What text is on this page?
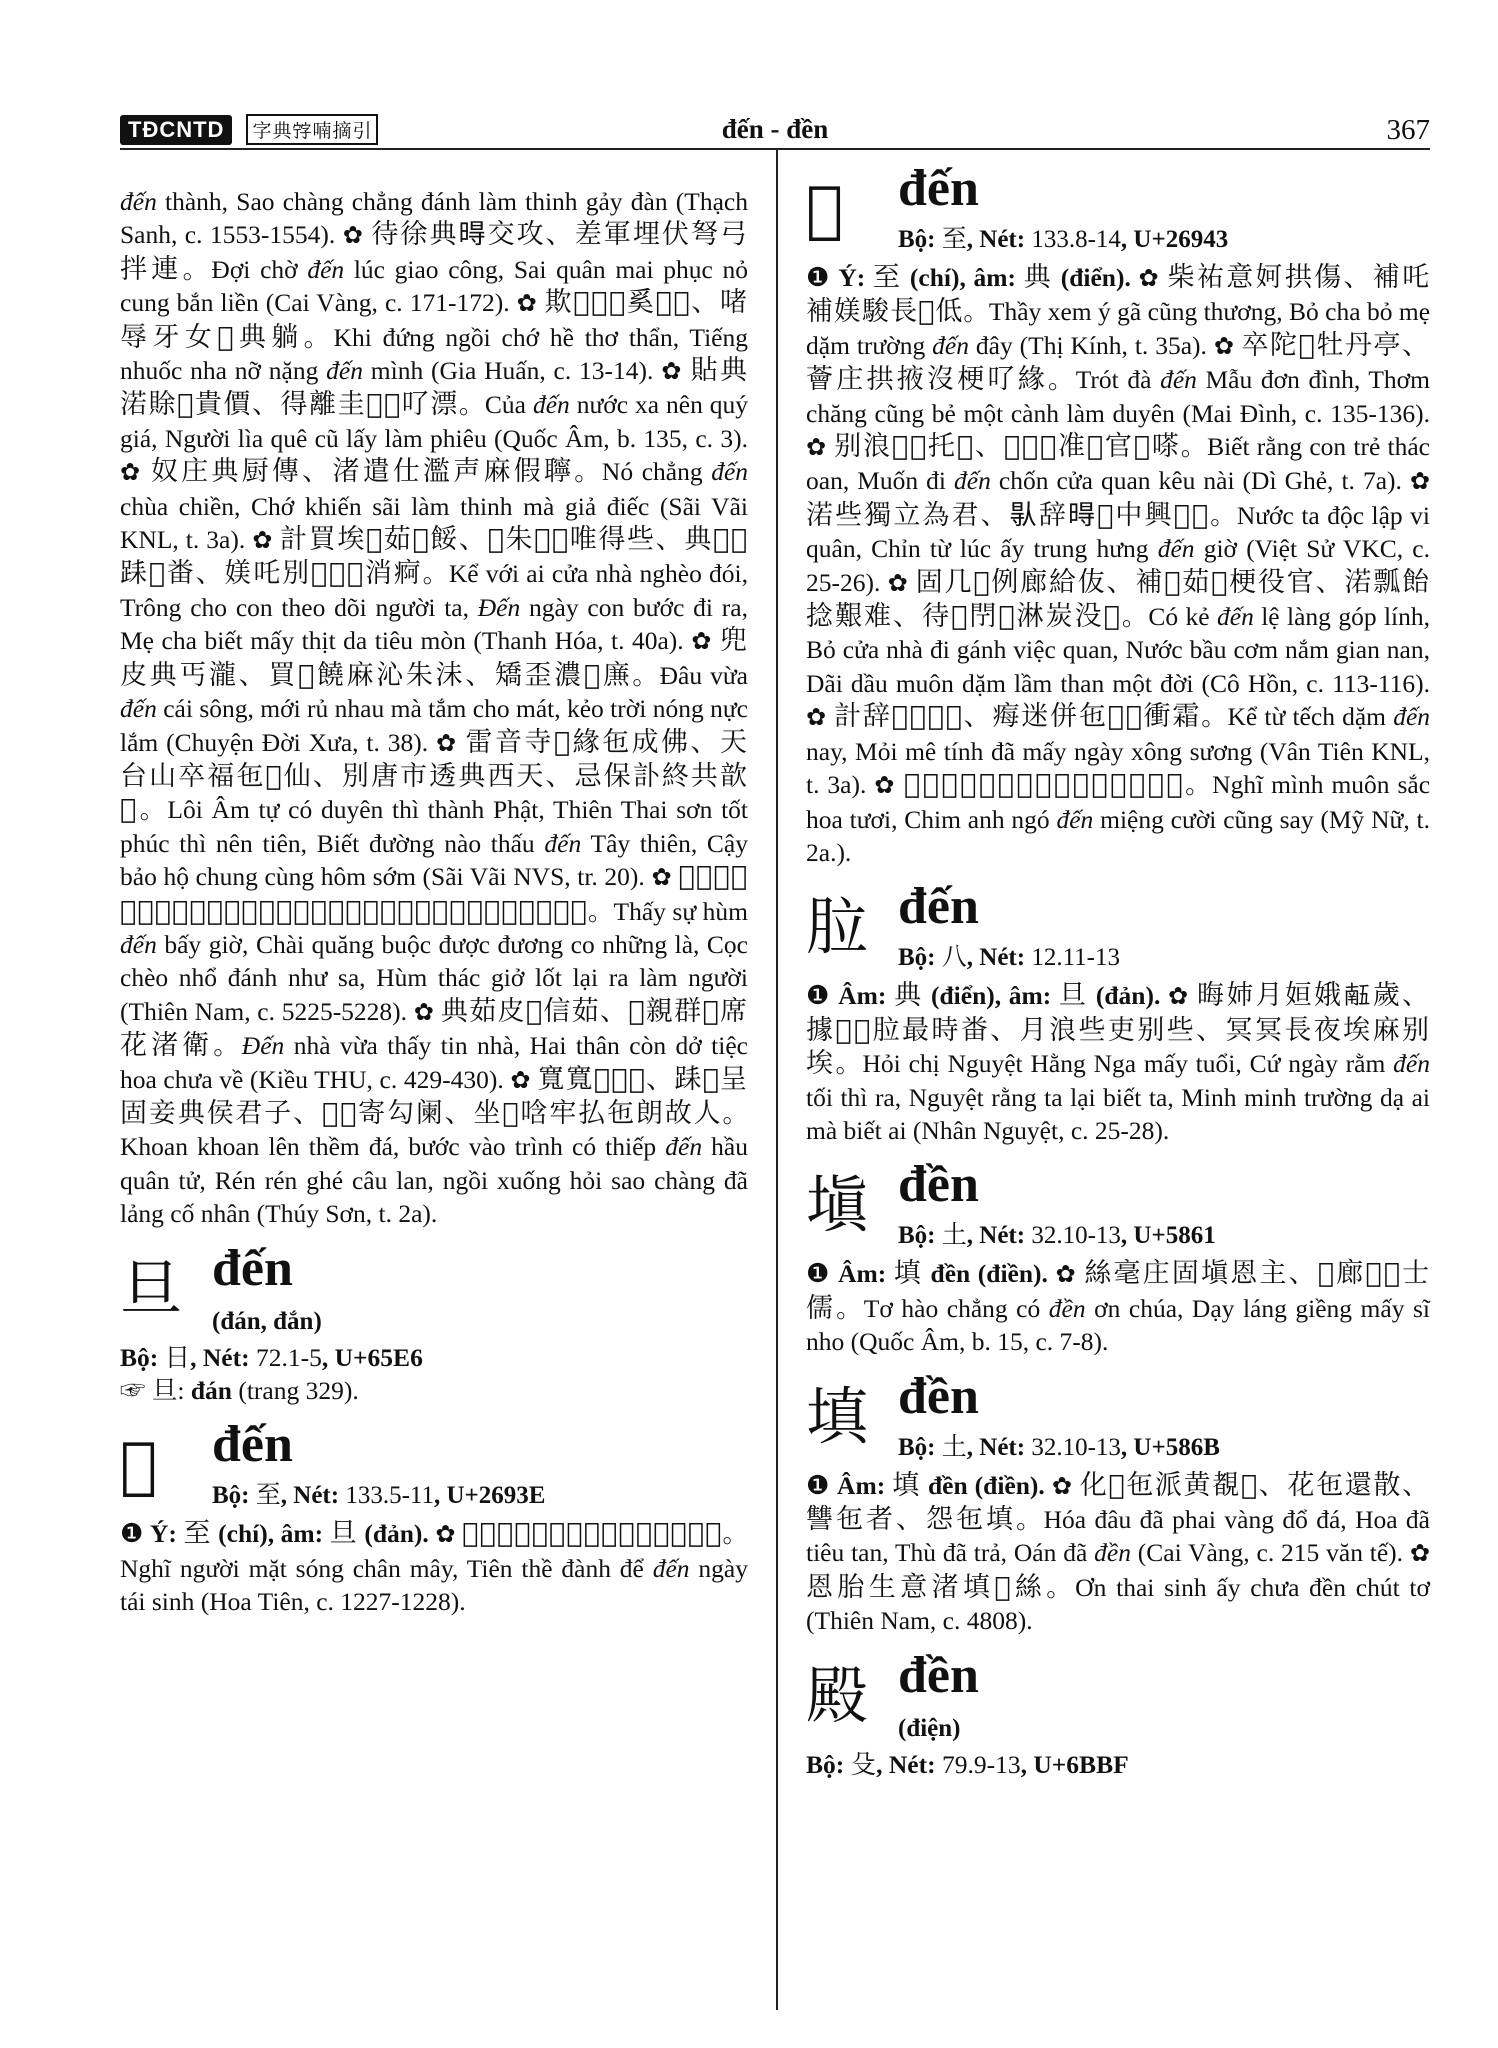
TĐCNTD	字典𡨸喃摘引	đến - đền	367

đến thành, Sao chàng chẳng đánh làm thinh gảy đàn (Thạch Sanh, c. 1553-1554). ✿ 待徐典𣈜交攻、差軍埋伏弩弓拌連。Đợi chờ đến lúc giao công, Sai quân mai phục nỏ cung bắn liền (Cai Vàng, c. 171-172). ✿ 欺𥪸𪵶𦍛奚𠶆𡢐、啫辱牙女𥗾典躺。Khi đứng ngồi chớ hề thơ thẩn, Tiếng nhuốc nha nỡ nặng đến mình (Gia Huấn, c. 13-14). ✿ 貼典渃賖𨷑貴價、得離圭𡞕𥘀𠮩漂。Của đến nước xa nên quý giá, Người lìa quê cũ lấy làm phiêu (Quốc Âm, b. 135, c. 3). ✿ 奴庄典厨傳、渚遣仕濫声麻假聹。Nó chẳng đến chùa chiền, Chớ khiến sãi làm thinh mà giả điếc (Sãi Vãi KNL, t. 3a). ✿ 計買埃𠁀茹𩛜餒、𫰅朱𡮣𨆢唯得些、典𣇊𡮣𨀤𨖲畨、媄吒別𠄼𥒥𦝄消痾。Kể với ai cửa nhà nghèo đói, Trông cho con theo dõi người ta, Đến ngày con bước đi ra, Mẹ cha biết mấy thịt da tiêu mòn (Thanh Hóa, t. 40a). ✿ 兜皮典丐瀧、買𠼤饒麻沁朱沬、矯歪濃𤈜㢘。Đâu vừa đến cái sông, mới rủ nhau mà tắm cho mát, kẻo trời nóng nực lắm (Chuyện Đời Xưa, t. 38). ✿ 雷音寺𡗶緣㐌成佛、天台山卒福㐌𨷑仙、別唐市透典西天、忌保訃終共歆𣾼。Lôi Âm tự có duyên thì thành Phật, Thiên Thai sơn tốt phúc thì nên tiên, Biết đường nào thấu đến Tây thiên, Cậy bảo hộ chung cùng hôm sớm (Sãi Vãi NVS, tr. 20). ✿ 𣅶事猹典閉除、紂肱紥特當摭仍罗、掊𢭂擼打如車、猹托𠯦猈吏𣌉𠮩𩄲。Thấy sự hùm đến bấy giờ, Chài quăng buộc được đương co những là, Cọc chèo nhổ đánh như sa, Hùm thác giở lốt lại ra làm người (Thiên Nam, c. 5225-5228). ✿ 典茹皮𣅶信茹、𠄩親群𠴍席花渚衛。Đến nhà vừa thấy tin nhà, Hai thân còn dở tiệc hoa chưa về (Kiều THU, c. 429-430). ✿ 寬寬𨁥𡍞𥒥、𨀤𠫾呈固妾典侯君子、𦄾𦄾寄勾阑、坐𣌉唅牢払㐌朗故人。Khoan khoan lên thềm đá, bước vào trình có thiếp đến hầu quân tử, Rén rén ghé câu lan, ngồi xuống hỏi sao chàng đã lảng cố nhân (Thúy Sơn, t. 2a).

旦 đến
(đán, đắn)
Bộ: 日, Nét: 72.1-5, U+65E6

☞ 旦: đán (trang 329).

𦤾 đến
Bộ: 至, Nét: 133.5-11, U+2693E

❶ Ý: 至 (chí), âm: 旦 (đản). ✿ 𢬣𩄲𩆐㳥𩈘𨆢、𥮊誓停𡶀𦤾𣇊再生。Nghĩ người mặt sóng chân mây, Tiên thề đành để đến ngày tái sinh (Hoa Tiên, c. 1227-1228).

𦥃 đến
Bộ: 至, Nét: 133.8-14, U+26943

❶ Ý: 至 (chí), âm: 典 (điển). ✿ 柴祐意妸拱傷、補吒補媄駿長𦥃低。Thầy xem ý gã cũng thương, Bỏ cha bỏ mẹ dặm trường đến đây (Thị Kính, t. 35a). ✿ 卒陀𦥃牡丹亭、薈庄拱掖沒梗𠮩緣。Trót đà đến Mẫu đơn đình, Thơm chăng cũng bẻ một cành làm duyên (Mai Đình, c. 135-136). ✿ 别浪𡮣𪀄托𡨧、𢠩𡗋𦥃准𠓨官𠶆嗏。Biết rằng con trẻ thác oan, Muốn đi đến chốn cửa quan kêu nài (Dì Ghẻ, t. 7a). ✿ 渃些獨立為君、𠊛辞𣈜𧋆中興𦥃𣇞。Nước ta độc lập vi quân, Chỉn từ lúc ấy trung hưng đến giờ (Việt Sử VKC, c. 25-26). ✿ 固几𦥃例廊給伖、補𠁀茹𠫾梗役官、渃瓢飴捻艱难、待𤈜閅𨉓淋炭没𣈜。Có kẻ đến lệ làng góp lính, Bỏ cửa nhà đi gánh việc quan, Nước bầu cơm nắm gian nan, Dãi dầu muôn dặm lầm than một đời (Cô Hồn, c. 113-116). ✿ 計辞𨆢𡍞𦥃𣈜、痗迷併㐌𠄼𣇊衝霜。Kể từ tếch dặm đến nay, Mỏi mê tính đã mấy ngày xông sương (Vân Tiên KNL, t. 3a). ✿ 𢬣𠬠閅色花鮮、𪀄英𠰉𦥃𠰘𠻃拱𨢇。Nghĩ mình muôn sắc hoa tươi, Chim anh ngó đến miệng cười cũng say (Mỹ Nữ, t. 2a.).

䏠 đến
Bộ: 八, Nét: 12.11-13

❶ Âm: 典 (điển), âm: 旦 (đản). ✿ 晦姉月姮娥𠄼歲、據𣇊𣎃䏠最時畨、月浪些吏别些、冥冥長夜埃麻别埃。Hỏi chị Nguyệt Hằng Nga mấy tuổi, Cứ ngày rằm đến tối thì ra, Nguyệt rằng ta lại biết ta, Minh minh trường dạ ai mà biết ai (Nhân Nguyệt, c. 25-28).

塡 đền
Bộ: 土, Nét: 32.10-13, U+5861

❶ Âm: 填 đền (điền). ✿ 絲毫庄固塡恩主、𠶋廊𣼽𠄼士儒。Tơ hào chẳng có đền ơn chúa, Dạy láng giềng mấy sĩ nho (Quốc Âm, b. 15, c. 7-8).

填 đền
Bộ: 土, Nét: 32.10-13, U+586B

❶ Âm: 填 đền (điền). ✿ 化𡗶㐌派黄覩𥒥、花㐌還散、讐㐌者、怨㐌填。Hóa đâu đã phai vàng đổ đá, Hoa đã tiêu tan, Thù đã trả, Oán đã đền (Cai Vàng, c. 215 văn tế). ✿ 恩胎生意渚填𥿤絲。Ơn thai sinh ấy chưa đền chút tơ (Thiên Nam, c. 4808).

殿 đền
(điện)
Bộ: 殳, Nét: 79.9-13, U+6BBF
